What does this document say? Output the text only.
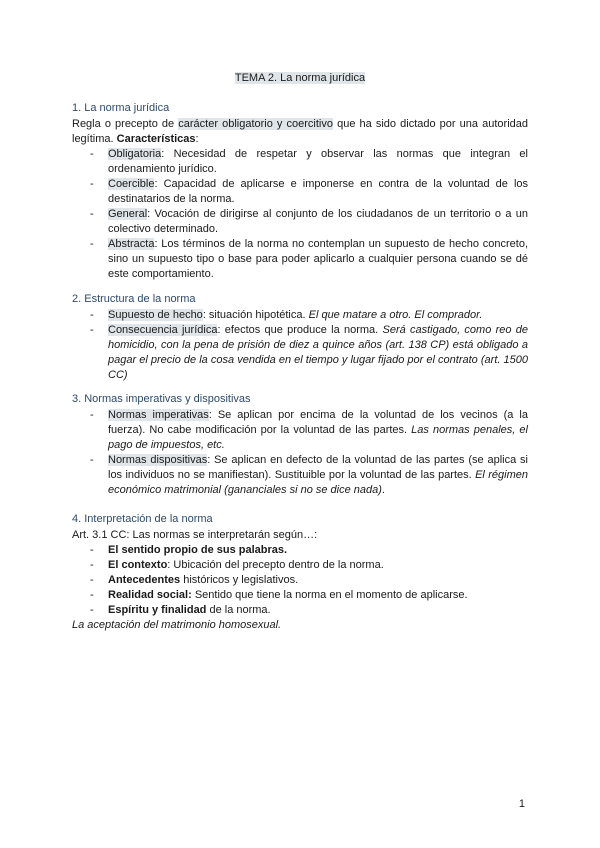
TEMA 2. La norma jurídica
1. La norma jurídica
Regla o precepto de carácter obligatorio y coercitivo que ha sido dictado por una autoridad legítima. Características:
- Obligatoria: Necesidad de respetar y observar las normas que integran el ordenamiento jurídico.
- Coercible: Capacidad de aplicarse e imponerse en contra de la voluntad de los destinatarios de la norma.
- General: Vocación de dirigirse al conjunto de los ciudadanos de un territorio o a un colectivo determinado.
- Abstracta: Los términos de la norma no contemplan un supuesto de hecho concreto, sino un supuesto tipo o base para poder aplicarlo a cualquier persona cuando se dé este comportamiento.
2. Estructura de la norma
- Supuesto de hecho: situación hipotética. El que matare a otro. El comprador.
- Consecuencia jurídica: efectos que produce la norma. Será castigado, como reo de homicidio, con la pena de prisión de diez a quince años (art. 138 CP) está obligado a pagar el precio de la cosa vendida en el tiempo y lugar fijado por el contrato (art. 1500 CC)
3. Normas imperativas y dispositivas
- Normas imperativas: Se aplican por encima de la voluntad de los vecinos (a la fuerza). No cabe modificación por la voluntad de las partes. Las normas penales, el pago de impuestos, etc.
- Normas dispositivas: Se aplican en defecto de la voluntad de las partes (se aplica si los individuos no se manifiestan). Sustituible por la voluntad de las partes. El régimen económico matrimonial (gananciales si no se dice nada).
4. Interpretación de la norma
Art. 3.1 CC: Las normas se interpretarán según…:
- El sentido propio de sus palabras.
- El contexto: Ubicación del precepto dentro de la norma.
- Antecedentes históricos y legislativos.
- Realidad social: Sentido que tiene la norma en el momento de aplicarse.
- Espíritu y finalidad de la norma.
La aceptación del matrimonio homosexual.
1
